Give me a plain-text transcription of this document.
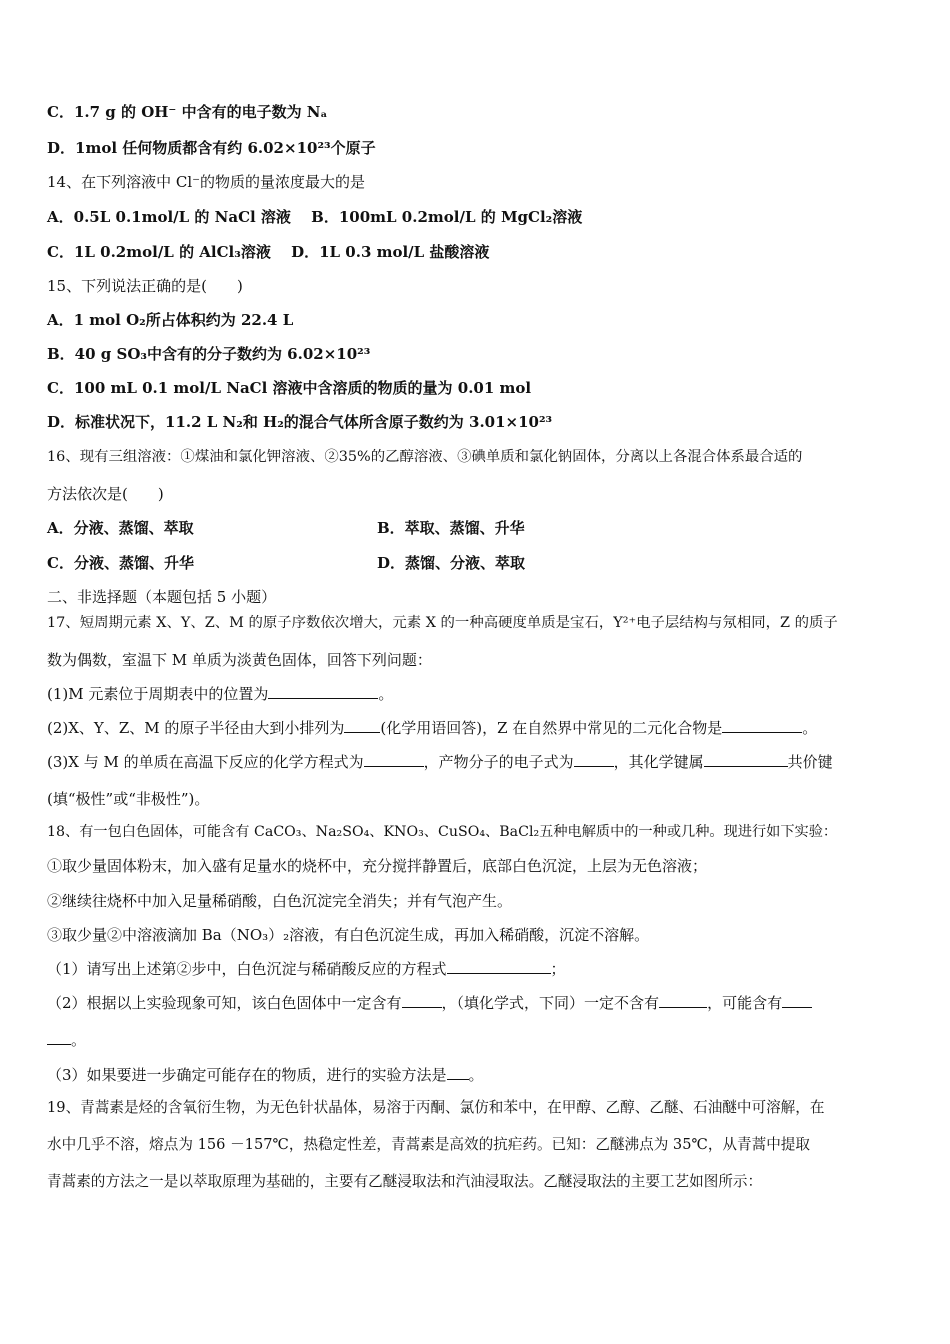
C．1.7 g 的 OH⁻ 中含有的电子数为 Nₐ
D．1mol 任何物质都含有约 6.02×10²³个原子
14、在下列溶液中 Cl⁻的物质的量浓度最大的是
A．0.5L 0.1mol/L 的 NaCl 溶液　 B．100mL 0.2mol/L 的 MgCl₂溶液
C．1L 0.2mol/L 的 AlCl₃溶液　 D．1L 0.3 mol/L 盐酸溶液
15、下列说法正确的是(　　)
A．1 mol O₂所占体积约为 22.4 L
B．40 g SO₃中含有的分子数约为 6.02×10²³
C．100 mL 0.1 mol/L NaCl 溶液中含溶质的物质的量为 0.01 mol
D．标准状况下，11.2 L N₂和 H₂的混合气体所含原子数约为 3.01×10²³
16、现有三组溶液：①煤油和氯化钾溶液、②35%的乙醇溶液、③碘单质和氯化钠固体，分离以上各混合体系最合适的
方法依次是(　　)
A．分液、蒸馏、萃取	B．萃取、蒸馏、升华
C．分液、蒸馏、升华	D．蒸馏、分液、萃取
二、非选择题（本题包括 5 小题）
17、短周期元素 X、Y、Z、M 的原子序数依次增大，元素 X 的一种高硬度单质是宝石，Y²⁺电子层结构与氖相同，Z 的质子
数为偶数，室温下 M 单质为淡黄色固体，回答下列问题：
(1)M 元素位于周期表中的位置为	。
(2)X、Y、Z、M 的原子半径由大到小排列为 (化学用语回答)，Z 在自然界中常见的二元化合物是	。
(3)X 与 M 的单质在高温下反应的化学方程式为	，产物分子的电子式为	，其化学键属	共价键
(填“极性”或“非极性”)。
18、有一包白色固体，可能含有 CaCO₃、Na₂SO₄、KNO₃、CuSO₄、BaCl₂五种电解质中的一种或几种。现进行如下实验：
①取少量固体粉末，加入盛有足量水的烧杯中，充分搅拌静置后，底部白色沉淀，上层为无色溶液；
②继续往烧杯中加入足量稀硝酸，白色沉淀完全消失；并有气泡产生。
③取少量②中溶液滴加 Ba（NO₃）₂溶液，有白色沉淀生成，再加入稀硝酸，沉淀不溶解。
（1）请写出上述第②步中，白色沉淀与稀硝酸反应的方程式	；
（2）根据以上实验现象可知，该白色固体中一定含有	，（填化学式，下同）一定不含有	，可能含有
。
（3）如果要进一步确定可能存在的物质，进行的实验方法是 。
19、青蒿素是烃的含氧衍生物，为无色针状晶体，易溶于丙酮、氯仿和苯中，在甲醇、乙醇、乙醚、石油醚中可溶解，在
水中几乎不溶，熔点为 156 －157℃，热稳定性差，青蒿素是高效的抗疟药。已知：乙醚沸点为 35℃，从青蒿中提取
青蒿素的方法之一是以萃取原理为基础的，主要有乙醚浸取法和汽油浸取法。乙醚浸取法的主要工艺如图所示：
